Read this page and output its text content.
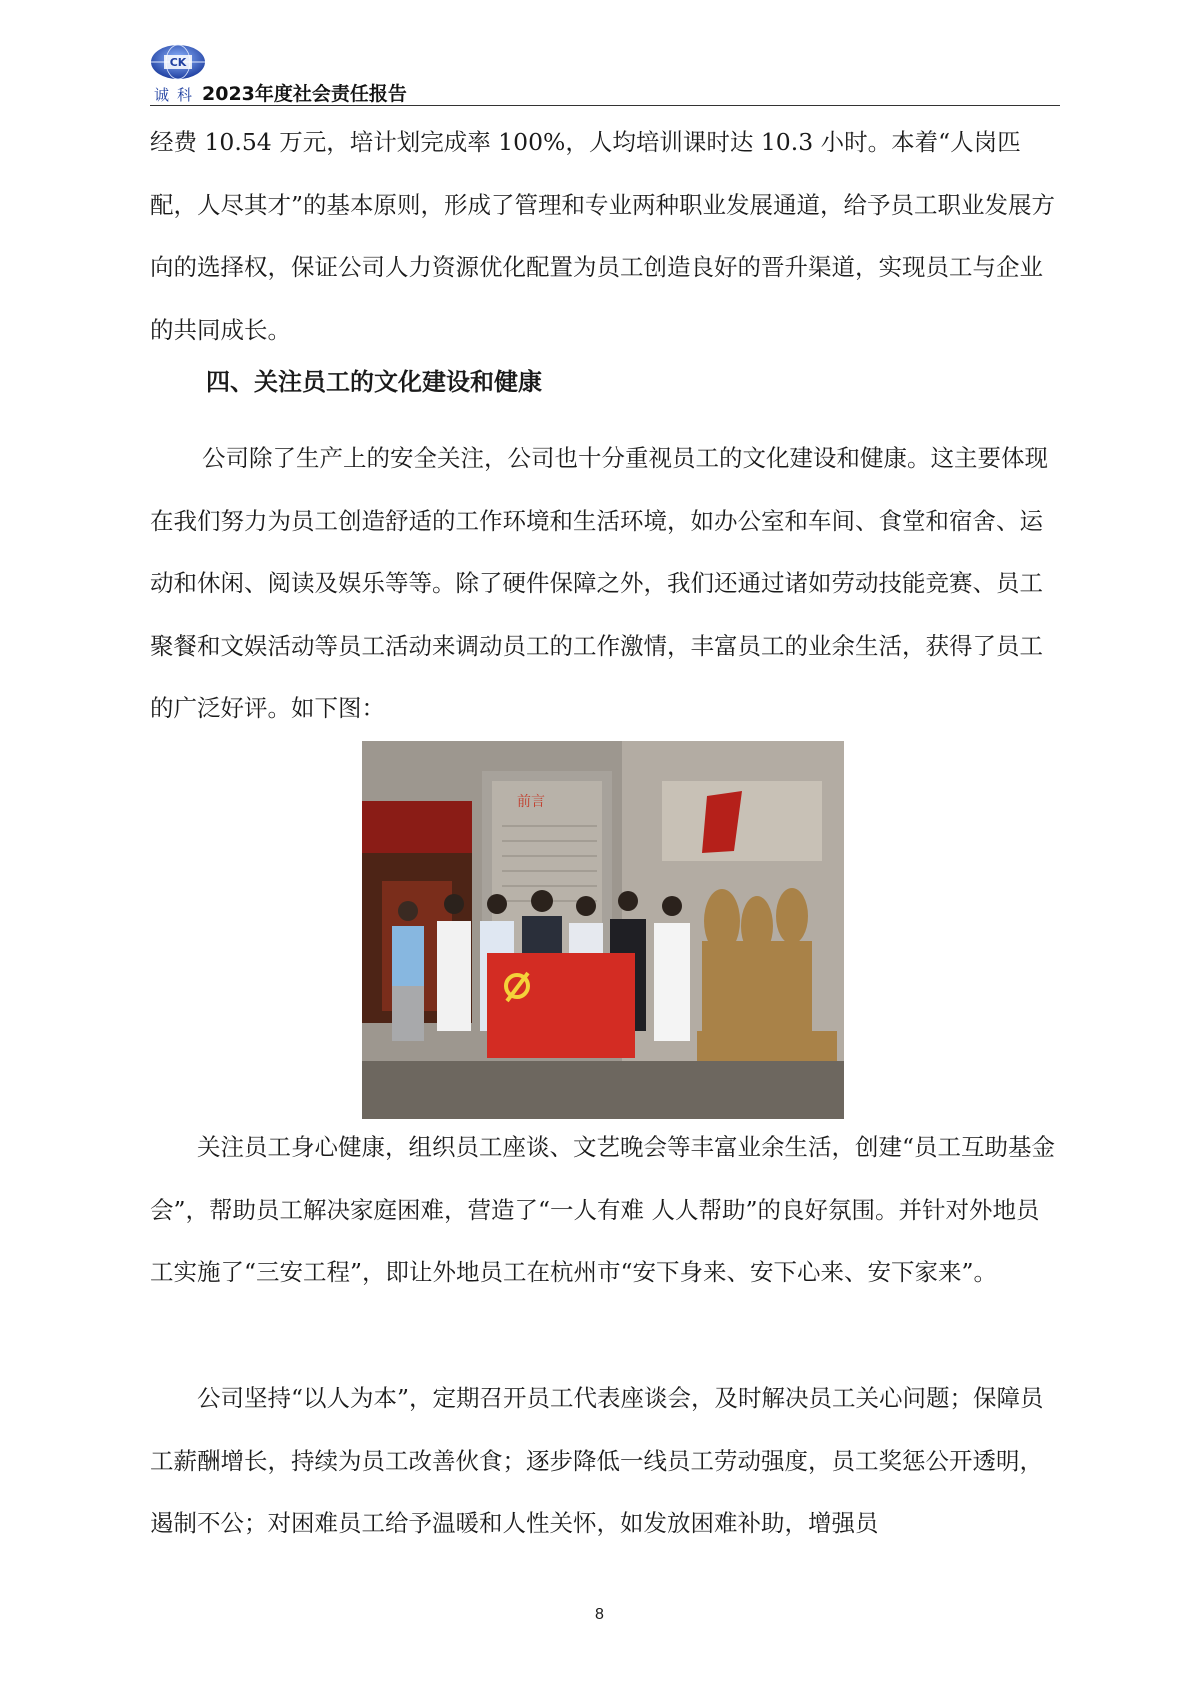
CK
诚科 2023年度社会责任报告

经费 10.54 万元，培计划完成率 100%，人均培训课时达 10.3 小时。本着“人岗匹配，人尽其才”的基本原则，形成了管理和专业两种职业发展通道，给予员工职业发展方向的选择权，保证公司人力资源优化配置为员工创造良好的晋升渠道，实现员工与企业的共同成长。

四、关注员工的文化建设和健康

公司除了生产上的安全关注，公司也十分重视员工的文化建设和健康。这主要体现在我们努力为员工创造舒适的工作环境和生活环境，如办公室和车间、食堂和宿舍、运动和休闲、阅读及娱乐等等。除了硬件保障之外，我们还通过诸如劳动技能竞赛、员工聚餐和文娱活动等员工活动来调动员工的工作激情，丰富员工的业余生活，获得了员工的广泛好评。如下图：

前言

关注员工身心健康，组织员工座谈、文艺晚会等丰富业余生活，创建“员工互助基金会”，帮助员工解决家庭困难，营造了“一人有难 人人帮助”的良好氛围。并针对外地员工实施了“三安工程”，即让外地员工在杭州市“安下身来、安下心来、安下家来”。

公司坚持“以人为本”，定期召开员工代表座谈会，及时解决员工关心问题；保障员工薪酬增长，持续为员工改善伙食；逐步降低一线员工劳动强度，员工奖惩公开透明，遏制不公；对困难员工给予温暖和人性关怀，如发放困难补助，增强员

8
